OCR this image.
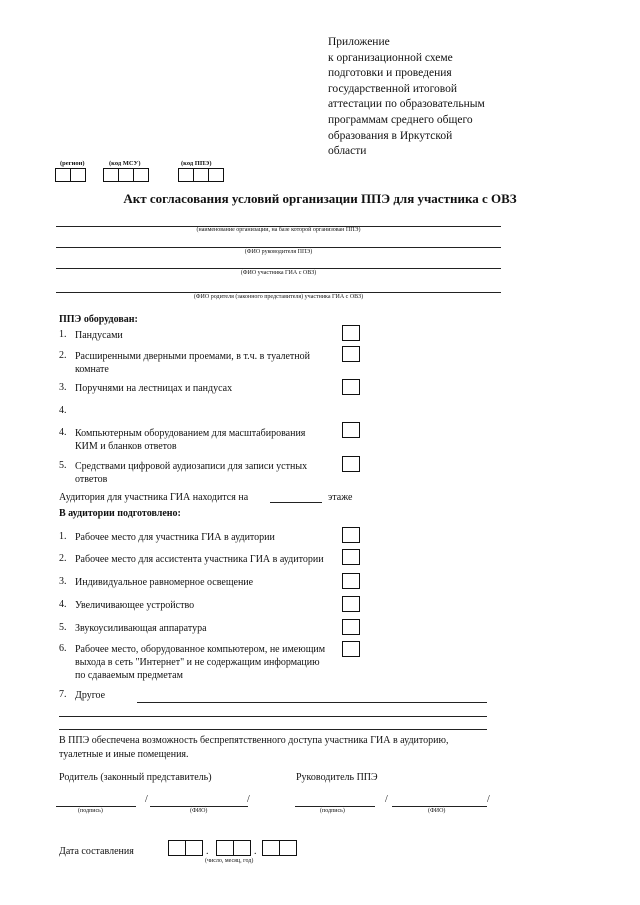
Приложение
к организационной схеме
подготовки и проведения
государственной итоговой
аттестации по образовательным
программам среднего общего
образования в Иркутской
области
(регион)	(код МСУ)	(код ППЭ)
Акт согласования условий организации ППЭ для участника с ОВЗ
(наименование организации, на базе которой организован ППЭ)
(ФИО руководителя ППЭ)
(ФИО участника ГИА с ОВЗ)
(ФИО родителя (законного представителя) участника ГИА с ОВЗ)
ППЭ оборудован:
1. Пандусами
2. Расширенными дверными проемами, в т.ч. в туалетной
комнате
3. Поручнями на лестницах и пандусах
4.
4. Компьютерным оборудованием для масштабирования
КИМ и бланков ответов
5. Средствами цифровой аудиозаписи для записи устных
ответов
Аудитория для участника ГИА находится на	этаже
В аудитории подготовлено:
1. Рабочее место для участника ГИА в аудитории
2. Рабочее место для ассистента участника ГИА в аудитории
3. Индивидуальное равномерное освещение
4. Увеличивающее устройство
5. Звукоусиливающая аппаратура
6. Рабочее место, оборудованное компьютером, не имеющим
выхода в сеть "Интернет" и не содержащим информацию
по сдаваемым предметам
7. Другое
В ППЭ обеспечена возможность беспрепятственного доступа участника ГИА в аудиторию,
туалетные и иные помещения.
Родитель (законный представитель)	Руководитель ППЭ
/	/
(подпись)	(ФИО)
/	/
(подпись)	(ФИО)
Дата составления	.	.
(число, месяц, год)
